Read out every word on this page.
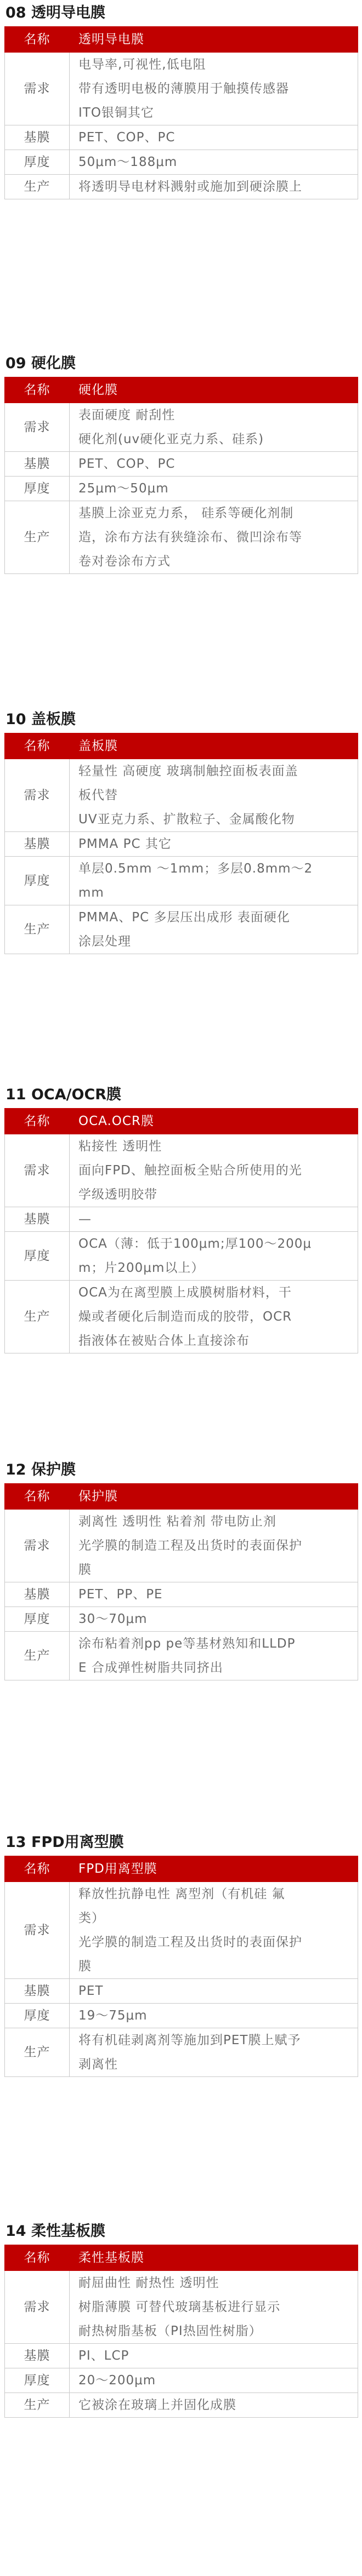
08 透明导电膜
名称	透明导电膜
需求	电导率,可视性,低电阻
带有透明电极的薄膜用于触摸传感器
ITO银铜其它

基膜	PET、COP、PC

厚度	50μm～188μm

生产	将透明导电材料溅射或施加到硬涂膜上
09 硬化膜
名称	硬化膜
需求	表面硬度 耐刮性
硬化剂(uv硬化亚克力系、硅系)

基膜	PET、COP、PC

厚度	25μm～50μm

生产	基膜上涂亚克力系， 硅系等硬化剂制
造，涂布方法有狭缝涂布、微凹涂布等
卷对卷涂布方式
10 盖板膜
名称	盖板膜
需求	轻量性 高硬度 玻璃制触控面板表面盖
板代替
UV亚克力系、扩散粒子、金属酸化物

基膜	PMMA PC 其它

厚度	单层0.5mm ～1mm；多层0.8mm～2
mm

生产	PMMA、PC 多层压出成形 表面硬化
涂层处理
11 OCA/OCR膜
名称	OCA.OCR膜
需求	粘接性 透明性
面向FPD、触控面板全贴合所使用的光
学级透明胶带

基膜	—

厚度	OCA（薄：低于100μm;厚100～200μ
m；片200μm以上）

生产	OCA为在离型膜上成膜树脂材料，干
燥或者硬化后制造而成的胶带，OCR
指液体在被贴合体上直接涂布
12 保护膜
名称	保护膜
需求	剥离性 透明性 粘着剂 带电防止剂
光学膜的制造工程及出货时的表面保护
膜

基膜	PET、PP、PE

厚度	30～70μm

生产	涂布粘着剂pp pe等基材熟知和LLDP
E 合成弹性树脂共同挤出
13 FPD用离型膜
名称	FPD用离型膜
需求	释放性抗静电性 离型剂（有机硅 氟
类）
光学膜的制造工程及出货时的表面保护
膜

基膜	PET

厚度	19～75μm

生产	将有机硅剥离剂等施加到PET膜上赋予
剥离性
14 柔性基板膜
名称	柔性基板膜
需求	耐屈曲性 耐热性 透明性
树脂薄膜 可替代玻璃基板进行显示
耐热树脂基板（PI热固性树脂）

基膜	PI、LCP

厚度	20～200μm

生产	它被涂在玻璃上并固化成膜
